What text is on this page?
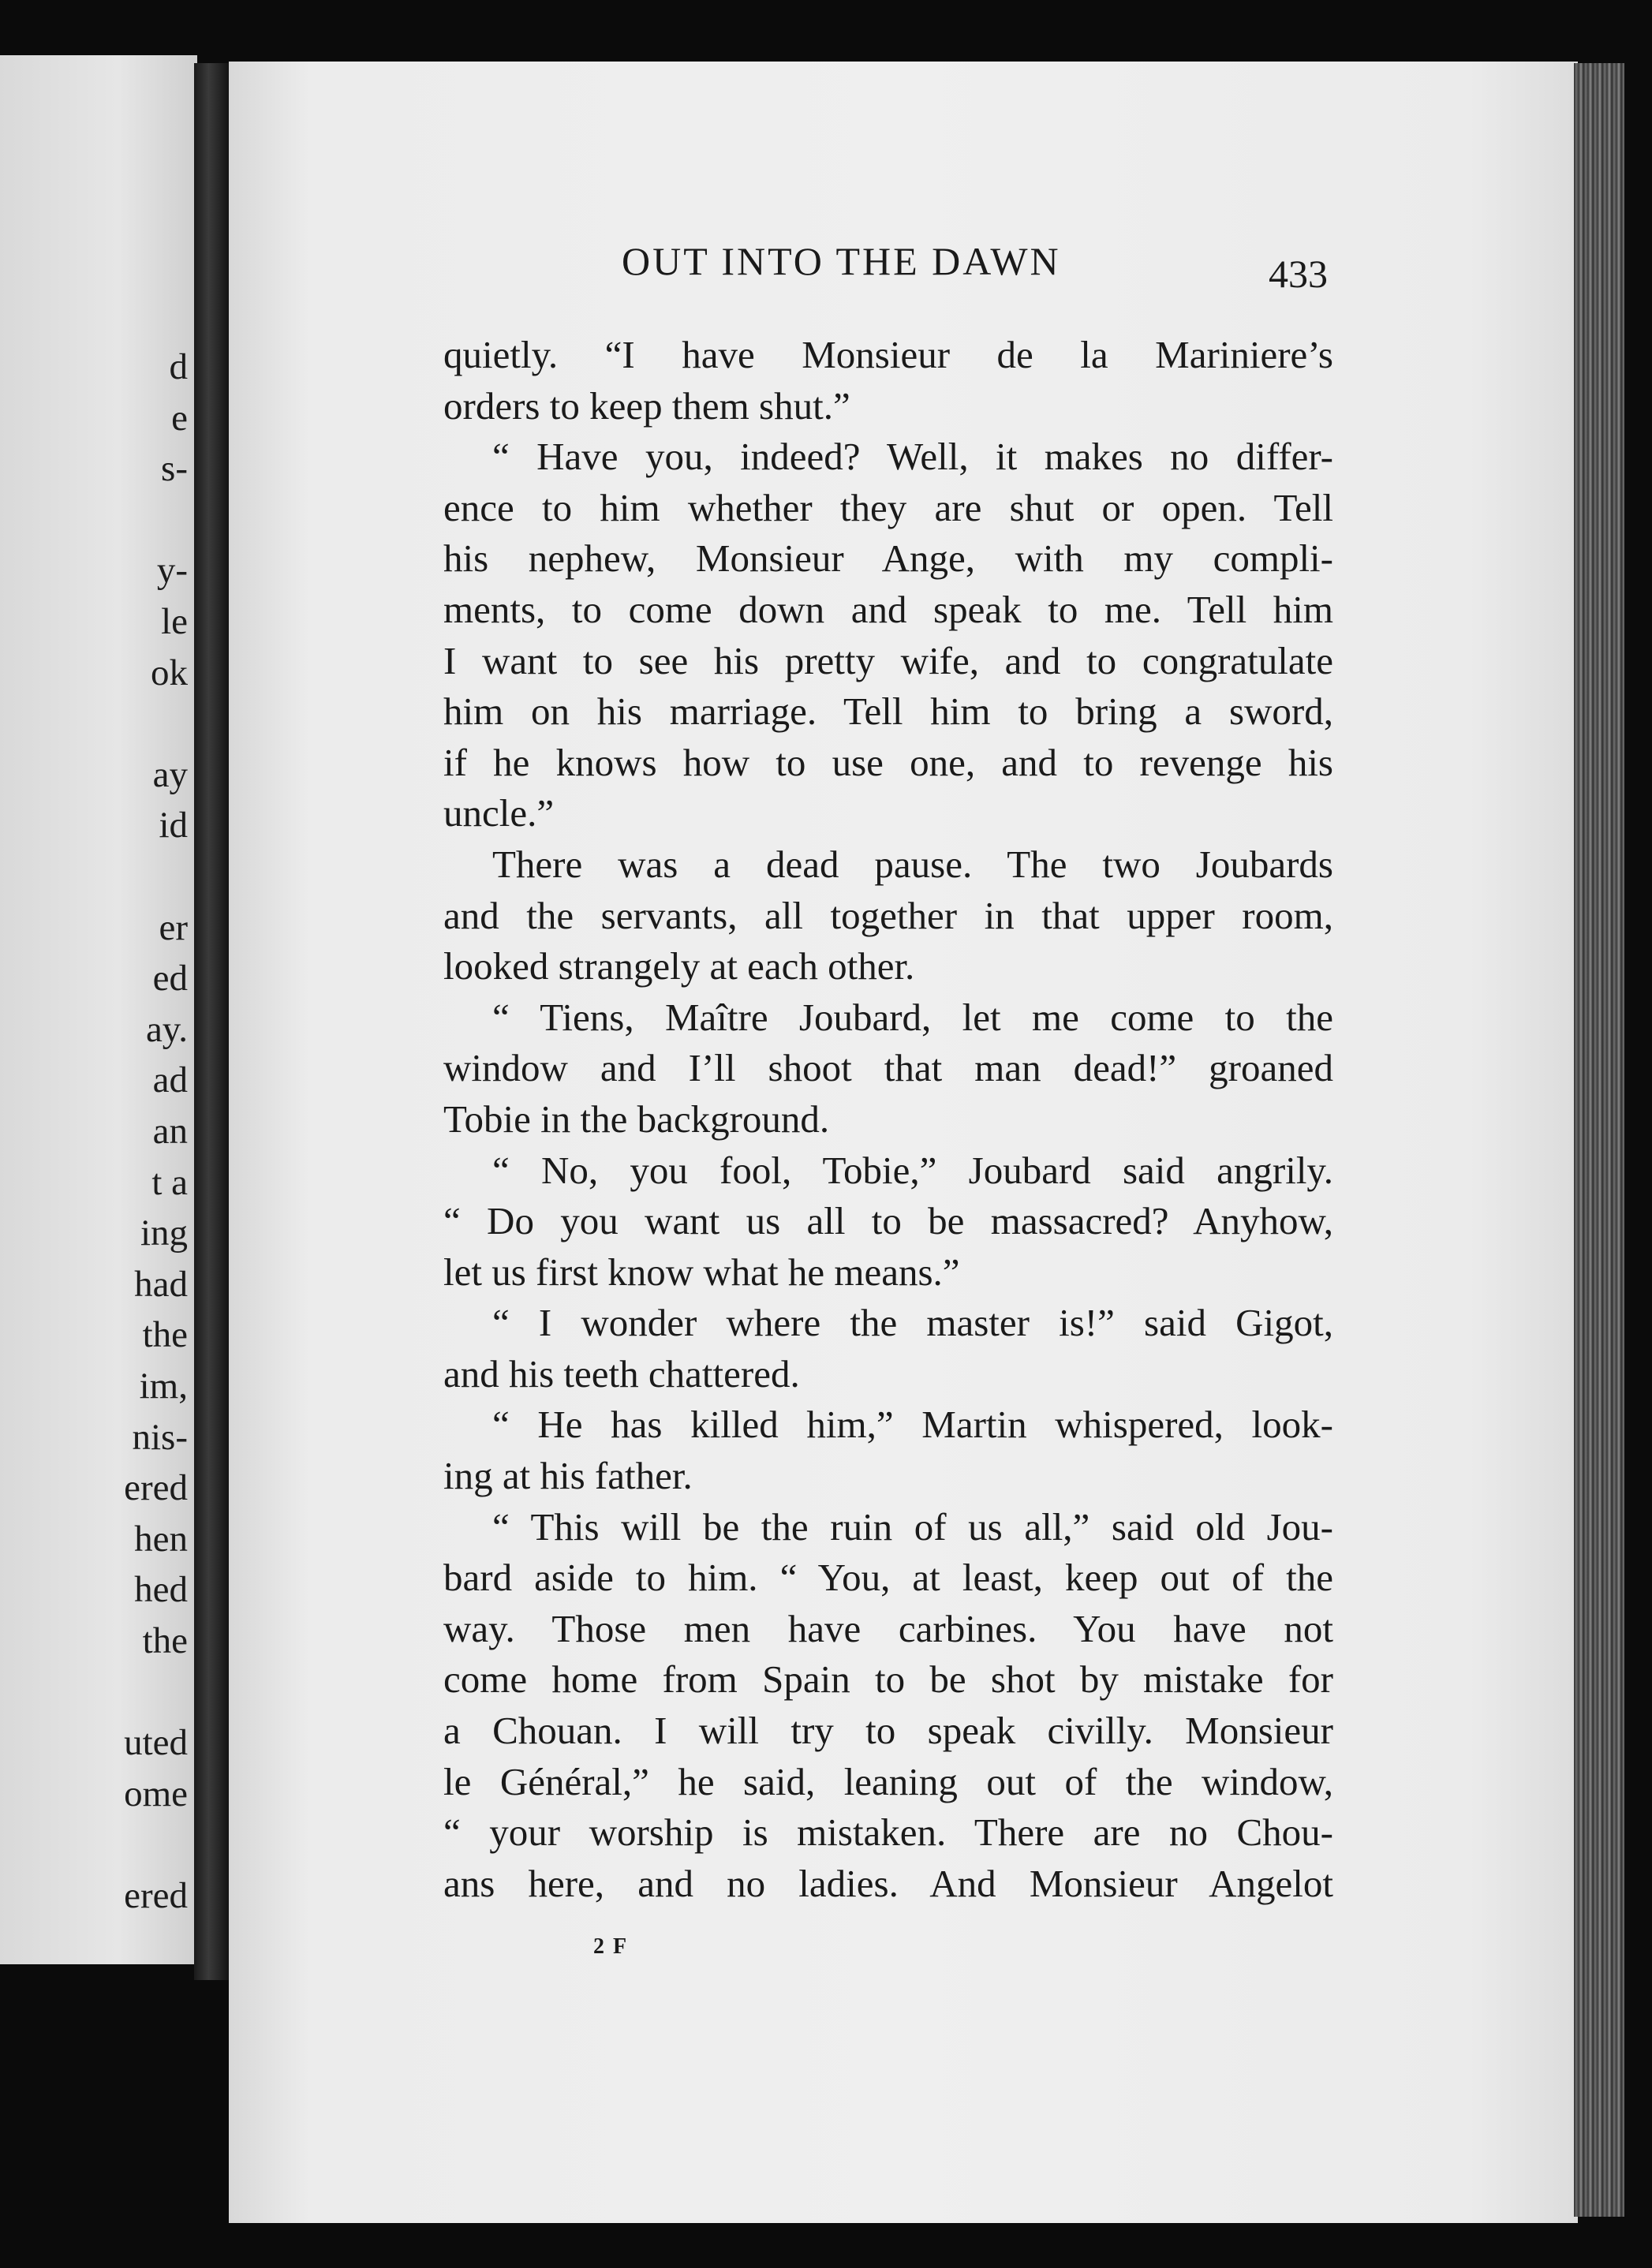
d
e
s-
y-
le
ok
ay
id
er
ed
ay.
ad
an
t a
ing
had
the
im,
nis-
ered
hen
hed
the
uted
ome
ered
OUT INTO THE DAWN	433
quietly. “I have Monsieur de la Mariniere’s
orders to keep them shut.”
“ Have you, indeed? Well, it makes no differ-
ence to him whether they are shut or open. Tell
his nephew, Monsieur Ange, with my compli-
ments, to come down and speak to me. Tell him
I want to see his pretty wife, and to congratulate
him on his marriage. Tell him to bring a sword,
if he knows how to use one, and to revenge his
uncle.”
There was a dead pause. The two Joubards
and the servants, all together in that upper room,
looked strangely at each other.
“ Tiens, Maître Joubard, let me come to the
window and I’ll shoot that man dead!” groaned
Tobie in the background.
“ No, you fool, Tobie,” Joubard said angrily.
“ Do you want us all to be massacred? Anyhow,
let us first know what he means.”
“ I wonder where the master is!” said Gigot,
and his teeth chattered.
“ He has killed him,” Martin whispered, look-
ing at his father.
“ This will be the ruin of us all,” said old Jou-
bard aside to him. “ You, at least, keep out of the
way. Those men have carbines. You have not
come home from Spain to be shot by mistake for
a Chouan. I will try to speak civilly. Monsieur
le Général,” he said, leaning out of the window,
“ your worship is mistaken. There are no Chou-
ans here, and no ladies. And Monsieur Angelot
2 F
